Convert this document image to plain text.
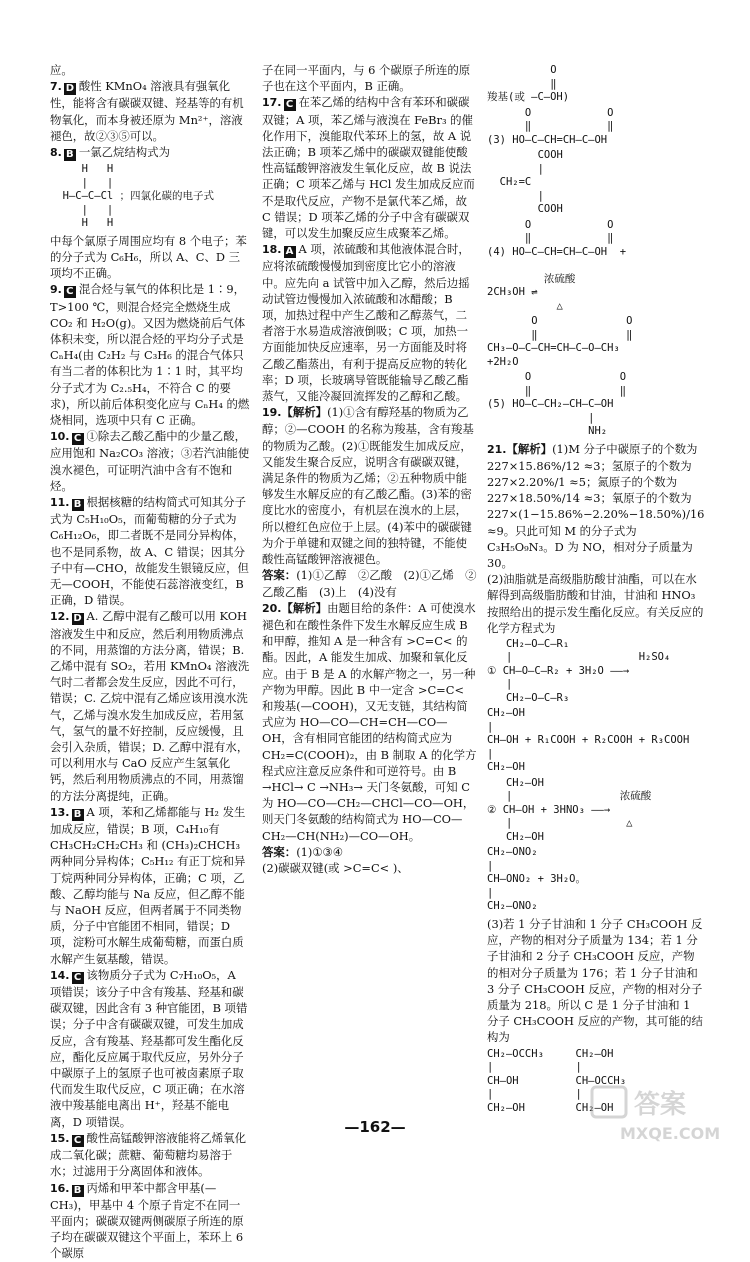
应。

7. D 酸性 KMnO₄ 溶液具有强氧化性，能将含有碳碳双键、羟基等的有机物氧化，而本身被还原为 Mn²⁺，溶液褪色，故②③⑤可以。

8. B 一氯乙烷结构式为

H   H
|   |
H—C—C—Cl ；四氯化碳的电子式
|   |
H   H

中每个氯原子周围应均有 8 个电子；苯的分子式为 C₆H₆，所以 A、C、D 三项均不正确。

9. C 混合烃与氧气的体积比是 1∶9，T>100 ℃，则混合烃完全燃烧生成 CO₂ 和 H₂O(g)。又因为燃烧前后气体体积未变，所以混合烃的平均分子式是 CₙH₄(由 C₂H₂ 与 C₃H₆ 的混合气体只有当二者的体积比为 1∶1 时，其平均分子式才为 C₂.₅H₄，不符合 C 的要求)，所以前后体积变化应与 CₙH₄ 的燃烧相同，选项中只有 C 正确。

10. C ①除去乙酸乙酯中的少量乙酸，应用饱和 Na₂CO₃ 溶液；③若汽油能使溴水褪色，可证明汽油中含有不饱和烃。

11. B 根据核糖的结构简式可知其分子式为 C₅H₁₀O₅，而葡萄糖的分子式为 C₆H₁₂O₆，即二者既不是同分异构体，也不是同系物，故 A、C 错误；因其分子中有—CHO，故能发生银镜反应，但无—COOH，不能使石蕊溶液变红，B 正确，D 错误。

12. D A. 乙醇中混有乙酸可以用 KOH 溶液发生中和反应，然后利用物质沸点的不同，用蒸馏的方法分离，错误；B. 乙烯中混有 SO₂，若用 KMnO₄ 溶液洗气时二者都会发生反应，因此不可行，错误；C. 乙烷中混有乙烯应该用溴水洗气，乙烯与溴水发生加成反应，若用氢气，氢气的量不好控制，反应缓慢，且会引入杂质，错误；D. 乙醇中混有水，可以利用水与 CaO 反应产生氢氧化钙，然后利用物质沸点的不同，用蒸馏的方法分离提纯，正确。

13. B A 项，苯和乙烯都能与 H₂ 发生加成反应，错误；B 项，C₄H₁₀有 CH₃CH₂CH₂CH₃ 和 (CH₃)₂CHCH₃ 两种同分异构体；C₅H₁₂ 有正丁烷和异丁烷两种同分异构体，正确；C 项，乙酸、乙醇均能与 Na 反应，但乙醇不能与 NaOH 反应，但两者属于不同类物质，分子中官能团不相同，错误；D 项，淀粉可水解生成葡萄糖，而蛋白质水解产生氨基酸，错误。

14. C 该物质分子式为 C₇H₁₀O₅，A 项错误；该分子中含有羧基、羟基和碳碳双键，因此含有 3 种官能团，B 项错误；分子中含有碳碳双键，可发生加成反应，含有羧基、羟基都可发生酯化反应，酯化反应属于取代反应，另外分子中碳原子上的氢原子也可被卤素原子取代而发生取代反应，C 项正确；在水溶液中羧基能电离出 H⁺，羟基不能电离，D 项错误。

15. C 酸性高锰酸钾溶液能将乙烯氧化成二氧化碳；蔗糖、葡萄糖均易溶于水；过滤用于分离固体和液体。

16. B 丙烯和甲苯中都含甲基(—CH₃)，甲基中 4 个原子肯定不在同一平面内；碳碳双键两侧碳原子所连的原子均在碳碳双键这个平面上，苯环上 6 个碳原

子在同一平面内，与 6 个碳原子所连的原子也在这个平面内，B 正确。

17. C 在苯乙烯的结构中含有苯环和碳碳双键；A 项，苯乙烯与液溴在 FeBr₃ 的催化作用下，溴能取代苯环上的氢，故 A 说法正确；B 项苯乙烯中的碳碳双键能使酸性高锰酸钾溶液发生氧化反应，故 B 说法正确；C 项苯乙烯与 HCl 发生加成反应而不是取代反应，产物不是氯代苯乙烯，故 C 错误；D 项苯乙烯的分子中含有碳碳双键，可以发生加聚反应生成聚苯乙烯。

18. A A 项，浓硫酸和其他液体混合时，应将浓硫酸慢慢加到密度比它小的溶液中。应先向 a 试管中加入乙醇，然后边摇动试管边慢慢加入浓硫酸和冰醋酸；B 项，加热过程中产生乙酸和乙醇蒸气，二者溶于水易造成溶液倒吸；C 项，加热一方面能加快反应速率，另一方面能及时将乙酸乙酯蒸出，有利于提高反应物的转化率；D 项，长玻璃导管既能输导乙酸乙酯蒸气，又能冷凝回流挥发的乙醇和乙酸。

19.【解析】(1)①含有醇羟基的物质为乙醇；②—COOH 的名称为羧基，含有羧基的物质为乙酸。(2)①既能发生加成反应，又能发生聚合反应，说明含有碳碳双键，满足条件的物质为乙烯；②五种物质中能够发生水解反应的有乙酸乙酯。(3)苯的密度比水的密度小，有机层在溴水的上层，所以橙红色应位于上层。(4)苯中的碳碳键为介于单键和双键之间的独特键，不能使酸性高锰酸钾溶液褪色。

答案：(1)①乙醇　②乙酸　(2)①乙烯　②乙酸乙酯　(3)上　(4)没有

20.【解析】由题目给的条件：A 可使溴水褪色和在酸性条件下发生水解反应生成 B 和甲醇，推知 A 是一种含有 >C=C< 的酯。因此，A 能发生加成、加聚和氧化反应。由于 B 是 A 的水解产物之一，另一种产物为甲醇。因此 B 中一定含 >C=C< 和羧基(—COOH)，又无支链，其结构简式应为 HO—CO—CH=CH—CO—OH，含有相同官能团的结构简式应为 CH₂=C(COOH)₂，由 B 制取 A 的化学方程式应注意反应条件和可逆符号。由 B →HCl→ C →NH₃→ 天门冬氨酸，可知 C 为 HO—CO—CH₂—CHCl—CO—OH，则天门冬氨酸的结构简式为 HO—CO—CH₂—CH(NH₂)—CO—OH。

答案：(1)①③④

(2)碳碳双键(或 >C=C< )、

O
‖
羧基(或 —C—OH)
O            O
‖            ‖
(3) HO—C—CH=CH—C—OH
COOH
|
CH₂=C
|
COOH
O            O
‖            ‖
(4) HO—C—CH=CH—C—OH  +

浓硫酸
2CH₃OH ⇌
△
O              O
‖              ‖
CH₃—O—C—CH=CH—C—O—CH₃
+2H₂O
O              O
‖              ‖
(5) HO—C—CH₂—CH—C—OH
|
NH₂

21.【解析】(1)M 分子中碳原子的个数为 227×15.86%/12 ≈3；氢原子的个数为 227×2.20%/1 ≈5；氮原子的个数为 227×18.50%/14 ≈3；氧原子的个数为 227×(1−15.86%−2.20%−18.50%)/16 ≈9。只此可知 M 的分子式为 C₃H₅O₉N₃。D 为 NO，相对分子质量为 30。

(2)油脂就是高级脂肪酸甘油酯，可以在水解得到高级脂肪酸和甘油，甘油和 HNO₃ 按照给出的提示发生酯化反应。有关反应的化学方程式为

CH₂—O—C—R₁
|                    H₂SO₄
① CH—O—C—R₂ + 3H₂O ——→
|
CH₂—O—C—R₃
CH₂—OH
|
CH—OH + R₁COOH + R₂COOH + R₃COOH
|
CH₂—OH
CH₂—OH
|                 浓硫酸
② CH—OH + 3HNO₃ ——→
|                  △
CH₂—OH
CH₂—ONO₂
|
CH—ONO₂ + 3H₂O。
|
CH₂—ONO₂

(3)若 1 分子甘油和 1 分子 CH₃COOH 反应，产物的相对分子质量为 134；若 1 分子甘油和 2 分子 CH₃COOH 反应，产物的相对分子质量为 176；若 1 分子甘油和 3 分子 CH₃COOH 反应，产物的相对分子质量为 218。所以 C 是 1 分子甘油和 1 分子 CH₃COOH 反应的产物，其可能的结构为

CH₂—OCCH₃     CH₂—OH
|             |
CH—OH         CH—OCCH₃
|             |
CH₂—OH        CH₂—OH
—162—
答案
MXQE.COM
